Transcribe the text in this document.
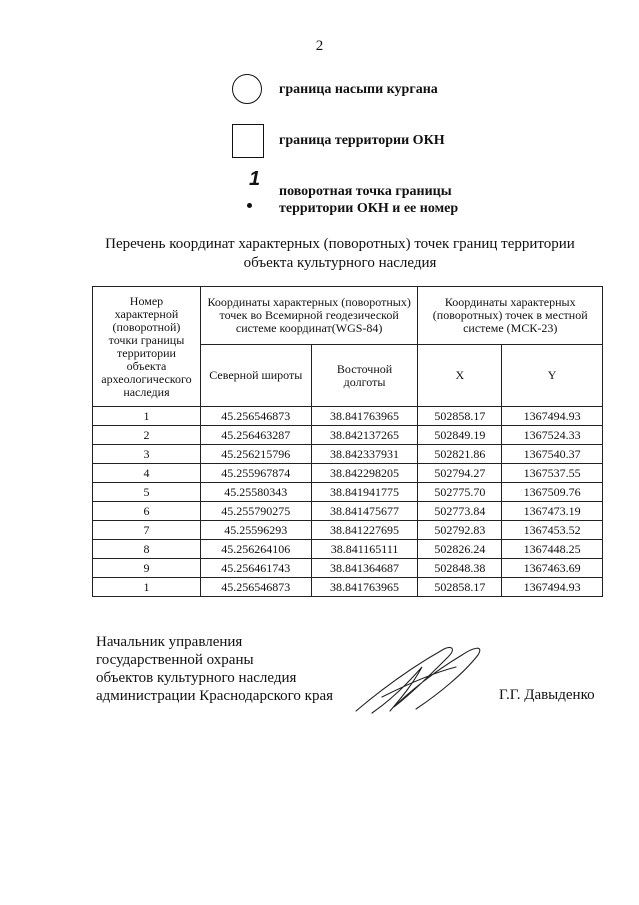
2
граница насыпи кургана
граница территории ОКН
1
поворотная точка границы
территории ОКН и ее номер
Перечень координат характерных (поворотных) точек границ территории
объекта культурного наследия
Номер характерной (поворотной) точки границы территории объекта археологического наследия	Координаты характерных (поворотных) точек во Всемирной геодезической системе координат(WGS-84)		Координаты характерных (поворотных) точек в местной системе (МСК-23)	
	Северной широты	Восточной долготы	X	Y
1	45.256546873	38.841763965	502858.17	1367494.93
2	45.256463287	38.842137265	502849.19	1367524.33
3	45.256215796	38.842337931	502821.86	1367540.37
4	45.255967874	38.842298205	502794.27	1367537.55
5	45.25580343	38.841941775	502775.70	1367509.76
6	45.255790275	38.841475677	502773.84	1367473.19
7	45.25596293	38.841227695	502792.83	1367453.52
8	45.256264106	38.841165111	502826.24	1367448.25
9	45.256461743	38.841364687	502848.38	1367463.69
1	45.256546873	38.841763965	502858.17	1367494.93
Начальник управления
государственной охраны
объектов культурного наследия
администрации Краснодарского края	Г.Г. Давыденко
